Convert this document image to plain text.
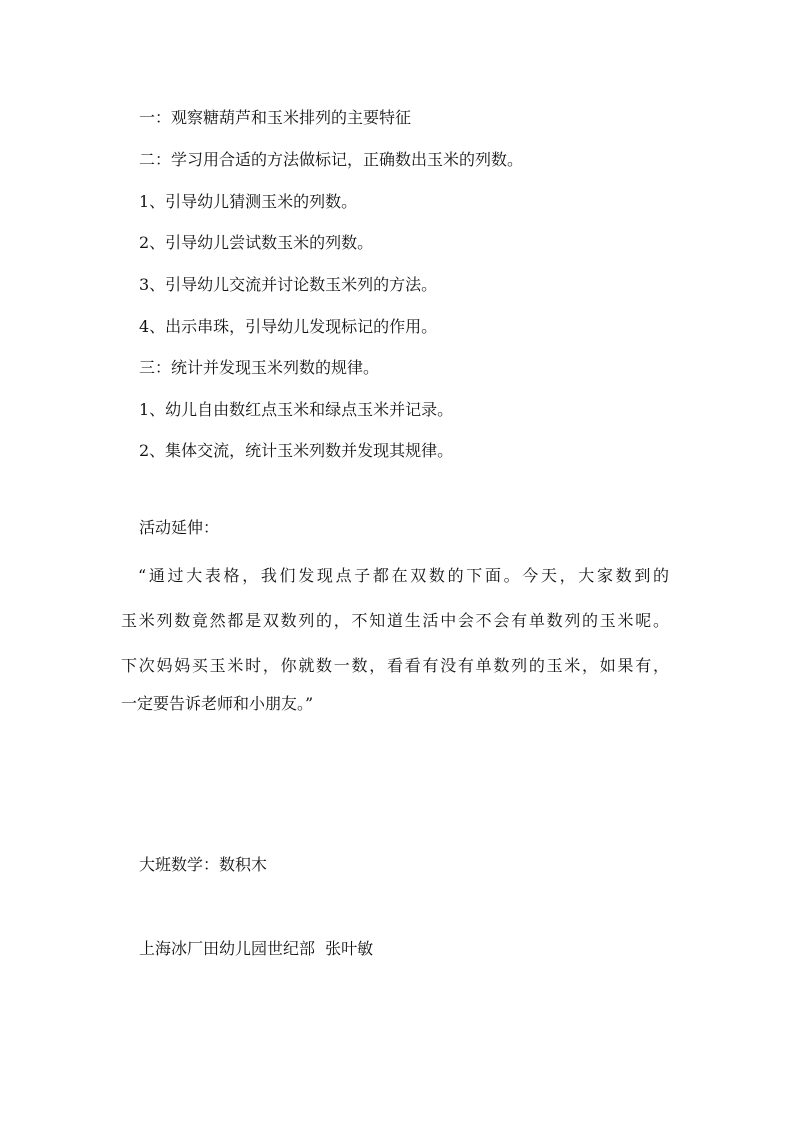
一：观察糖葫芦和玉米排列的主要特征
二：学习用合适的方法做标记，正确数出玉米的列数。
1、引导幼儿猜测玉米的列数。
2、引导幼儿尝试数玉米的列数。
3、引导幼儿交流并讨论数玉米列的方法。
4、出示串珠，引导幼儿发现标记的作用。
三：统计并发现玉米列数的规律。
1、幼儿自由数红点玉米和绿点玉米并记录。
2、集体交流，统计玉米列数并发现其规律。
活动延伸：
“通过大表格，我们发现点子都在双数的下面。今天，大家数到的
玉米列数竟然都是双数列的，不知道生活中会不会有单数列的玉米呢。
下次妈妈买玉米时，你就数一数，看看有没有单数列的玉米，如果有，
一定要告诉老师和小朋友。”
大班数学：数积木
上海冰厂田幼儿园世纪部  张叶敏
